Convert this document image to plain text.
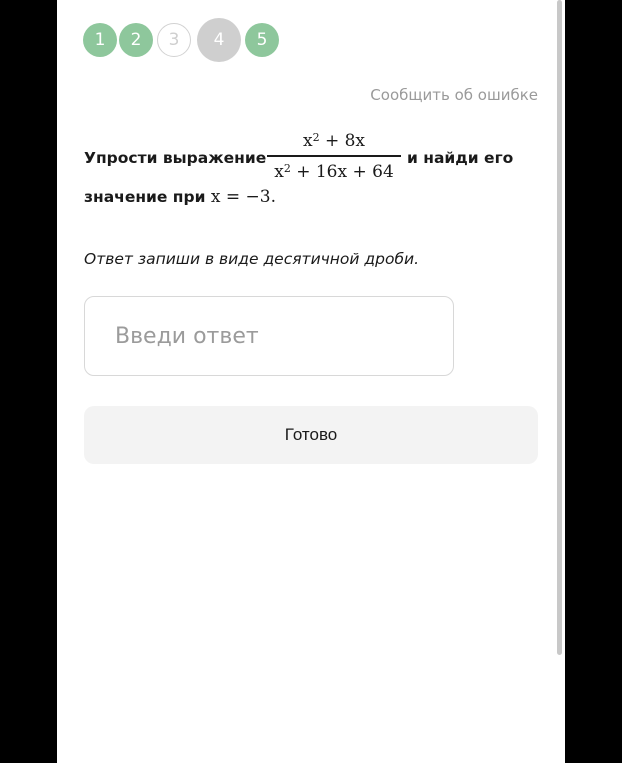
1 2 3 4 5
Сообщить об ошибке
Упрости выражение
$x^2 + 8x$
$x^2 + 16x + 64$
и найди его
значение при x = −3.
Ответ запиши в виде десятичной дроби.
Введи ответ
Готово
